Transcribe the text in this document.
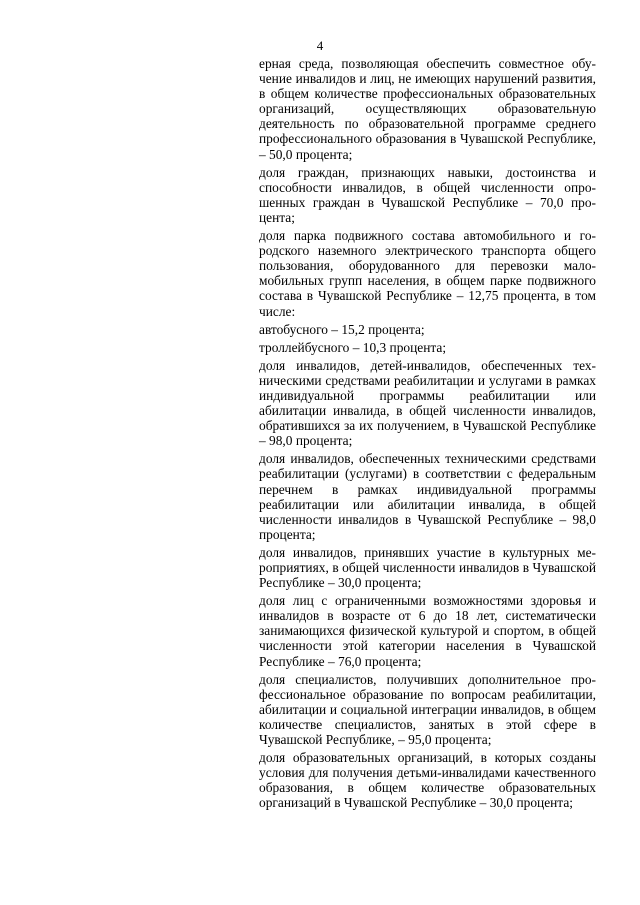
4

ерная среда, позволяющая обеспечить совместное обучение инвалидов и лиц, не имеющих нарушений развития, в общем количестве профессиональных образовательных организаций, осуществляющих образовательную деятельность по образовательной программе среднего профессионального образования в Чувашской Республике, – 50,0 процента;

доля граждан, признающих навыки, достоинства и способности инвалидов, в общей численности опрошенных граждан в Чувашской Республике – 70,0 процента;

доля парка подвижного состава автомобильного и городского наземного электрического транспорта общего пользования, оборудованного для перевозки маломобильных групп населения, в общем парке подвижного состава в Чувашской Республике – 12,75 процента, в том числе:

автобусного – 15,2 процента;

троллейбусного – 10,3 процента;

доля инвалидов, детей-инвалидов, обеспеченных техническими средствами реабилитации и услугами в рамках индивидуальной программы реабилитации или абилитации инвалида, в общей численности инвалидов, обратившихся за их получением, в Чувашской Республике – 98,0 процента;

доля инвалидов, обеспеченных техническими средствами реабилитации (услугами) в соответствии с федеральным перечнем в рамках индивидуальной программы реабилитации или абилитации инвалида, в общей численности инвалидов в Чувашской Республике – 98,0 процента;

доля инвалидов, принявших участие в культурных мероприятиях, в общей численности инвалидов в Чувашской Республике – 30,0 процента;

доля лиц с ограниченными возможностями здоровья и инвалидов в возрасте от 6 до 18 лет, систематически занимающихся физической культурой и спортом, в общей численности этой категории населения в Чувашской Республике – 76,0 процента;

доля специалистов, получивших дополнительное профессиональное образование по вопросам реабилитации, абилитации и социальной интеграции инвалидов, в общем количестве специалистов, занятых в этой сфере в Чувашской Республике, – 95,0 процента;

доля образовательных организаций, в которых созданы условия для получения детьми-инвалидами качественного образования, в общем количестве образовательных организаций в Чувашской Республике – 30,0 процента;
